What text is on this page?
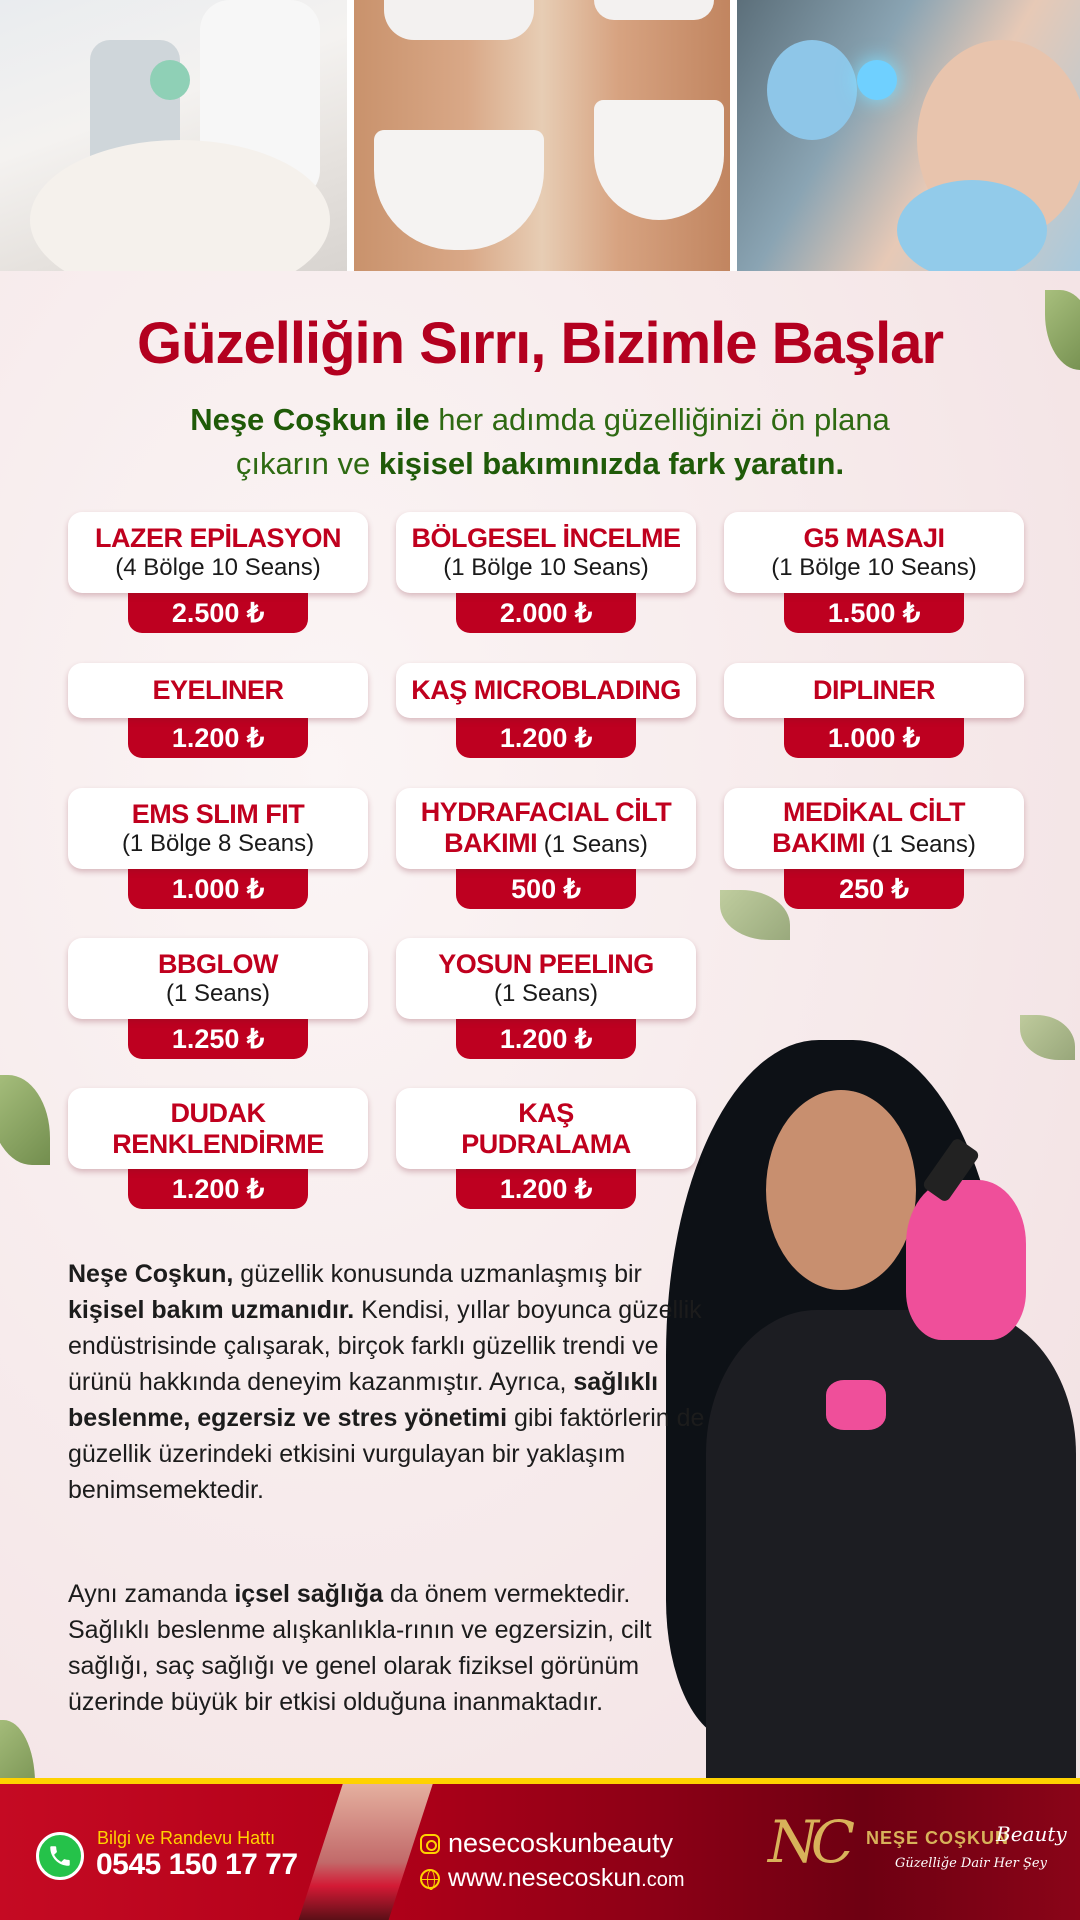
Güzelliğin Sırrı, Bizimle Başlar
Neşe Coşkun ile her adımda güzelliğinizi ön plana
çıkarın ve kişisel bakımınızda fark yaratın.
LAZER EPİLASYON
(4 Bölge 10 Seans)
2.500 ₺
BÖLGESEL İNCELME
(1 Bölge 10 Seans)
2.000 ₺
G5 MASAJI
(1 Bölge 10 Seans)
1.500 ₺
EYELINER
1.200 ₺
KAŞ MICROBLADING
1.200 ₺
DIPLINER
1.000 ₺
EMS SLIM FIT
(1 Bölge 8 Seans)
1.000 ₺
HYDRAFACIAL CİLT
BAKIMI (1 Seans)
500 ₺
MEDİKAL CİLT
BAKIMI (1 Seans)
250 ₺
BBGLOW
(1 Seans)
1.250 ₺
YOSUN PEELING
(1 Seans)
1.200 ₺
DUDAK
RENKLENDİRME
1.200 ₺
KAŞ
PUDRALAMA
1.200 ₺

Neşe Coşkun, güzellik konusunda uzmanlaşmış bir kişisel bakım uzmanıdır. Kendisi, yıllar boyunca güzellik endüstrisinde çalışarak, birçok farklı güzellik trendi ve ürünü hakkında deneyim kazanmıştır. Ayrıca, sağlıklı beslenme, egzersiz ve stres yönetimi gibi faktörlerin de güzellik üzerindeki etkisini vurgulayan bir yaklaşım benimsemektedir.

Aynı zamanda içsel sağlığa da önem vermektedir. Sağlıklı beslenme alışkanlıkla-rının ve egzersizin, cilt sağlığı, saç sağlığı ve genel olarak fiziksel görünüm üzerinde büyük bir etkisi olduğuna inanmaktadır.

Bilgi ve Randevu Hattı
0545 150 17 77
nesecoskunbeauty
www.nesecoskun.com
NC NEŞE COŞKUN
Beauty
Güzelliğe Dair Her Şey
